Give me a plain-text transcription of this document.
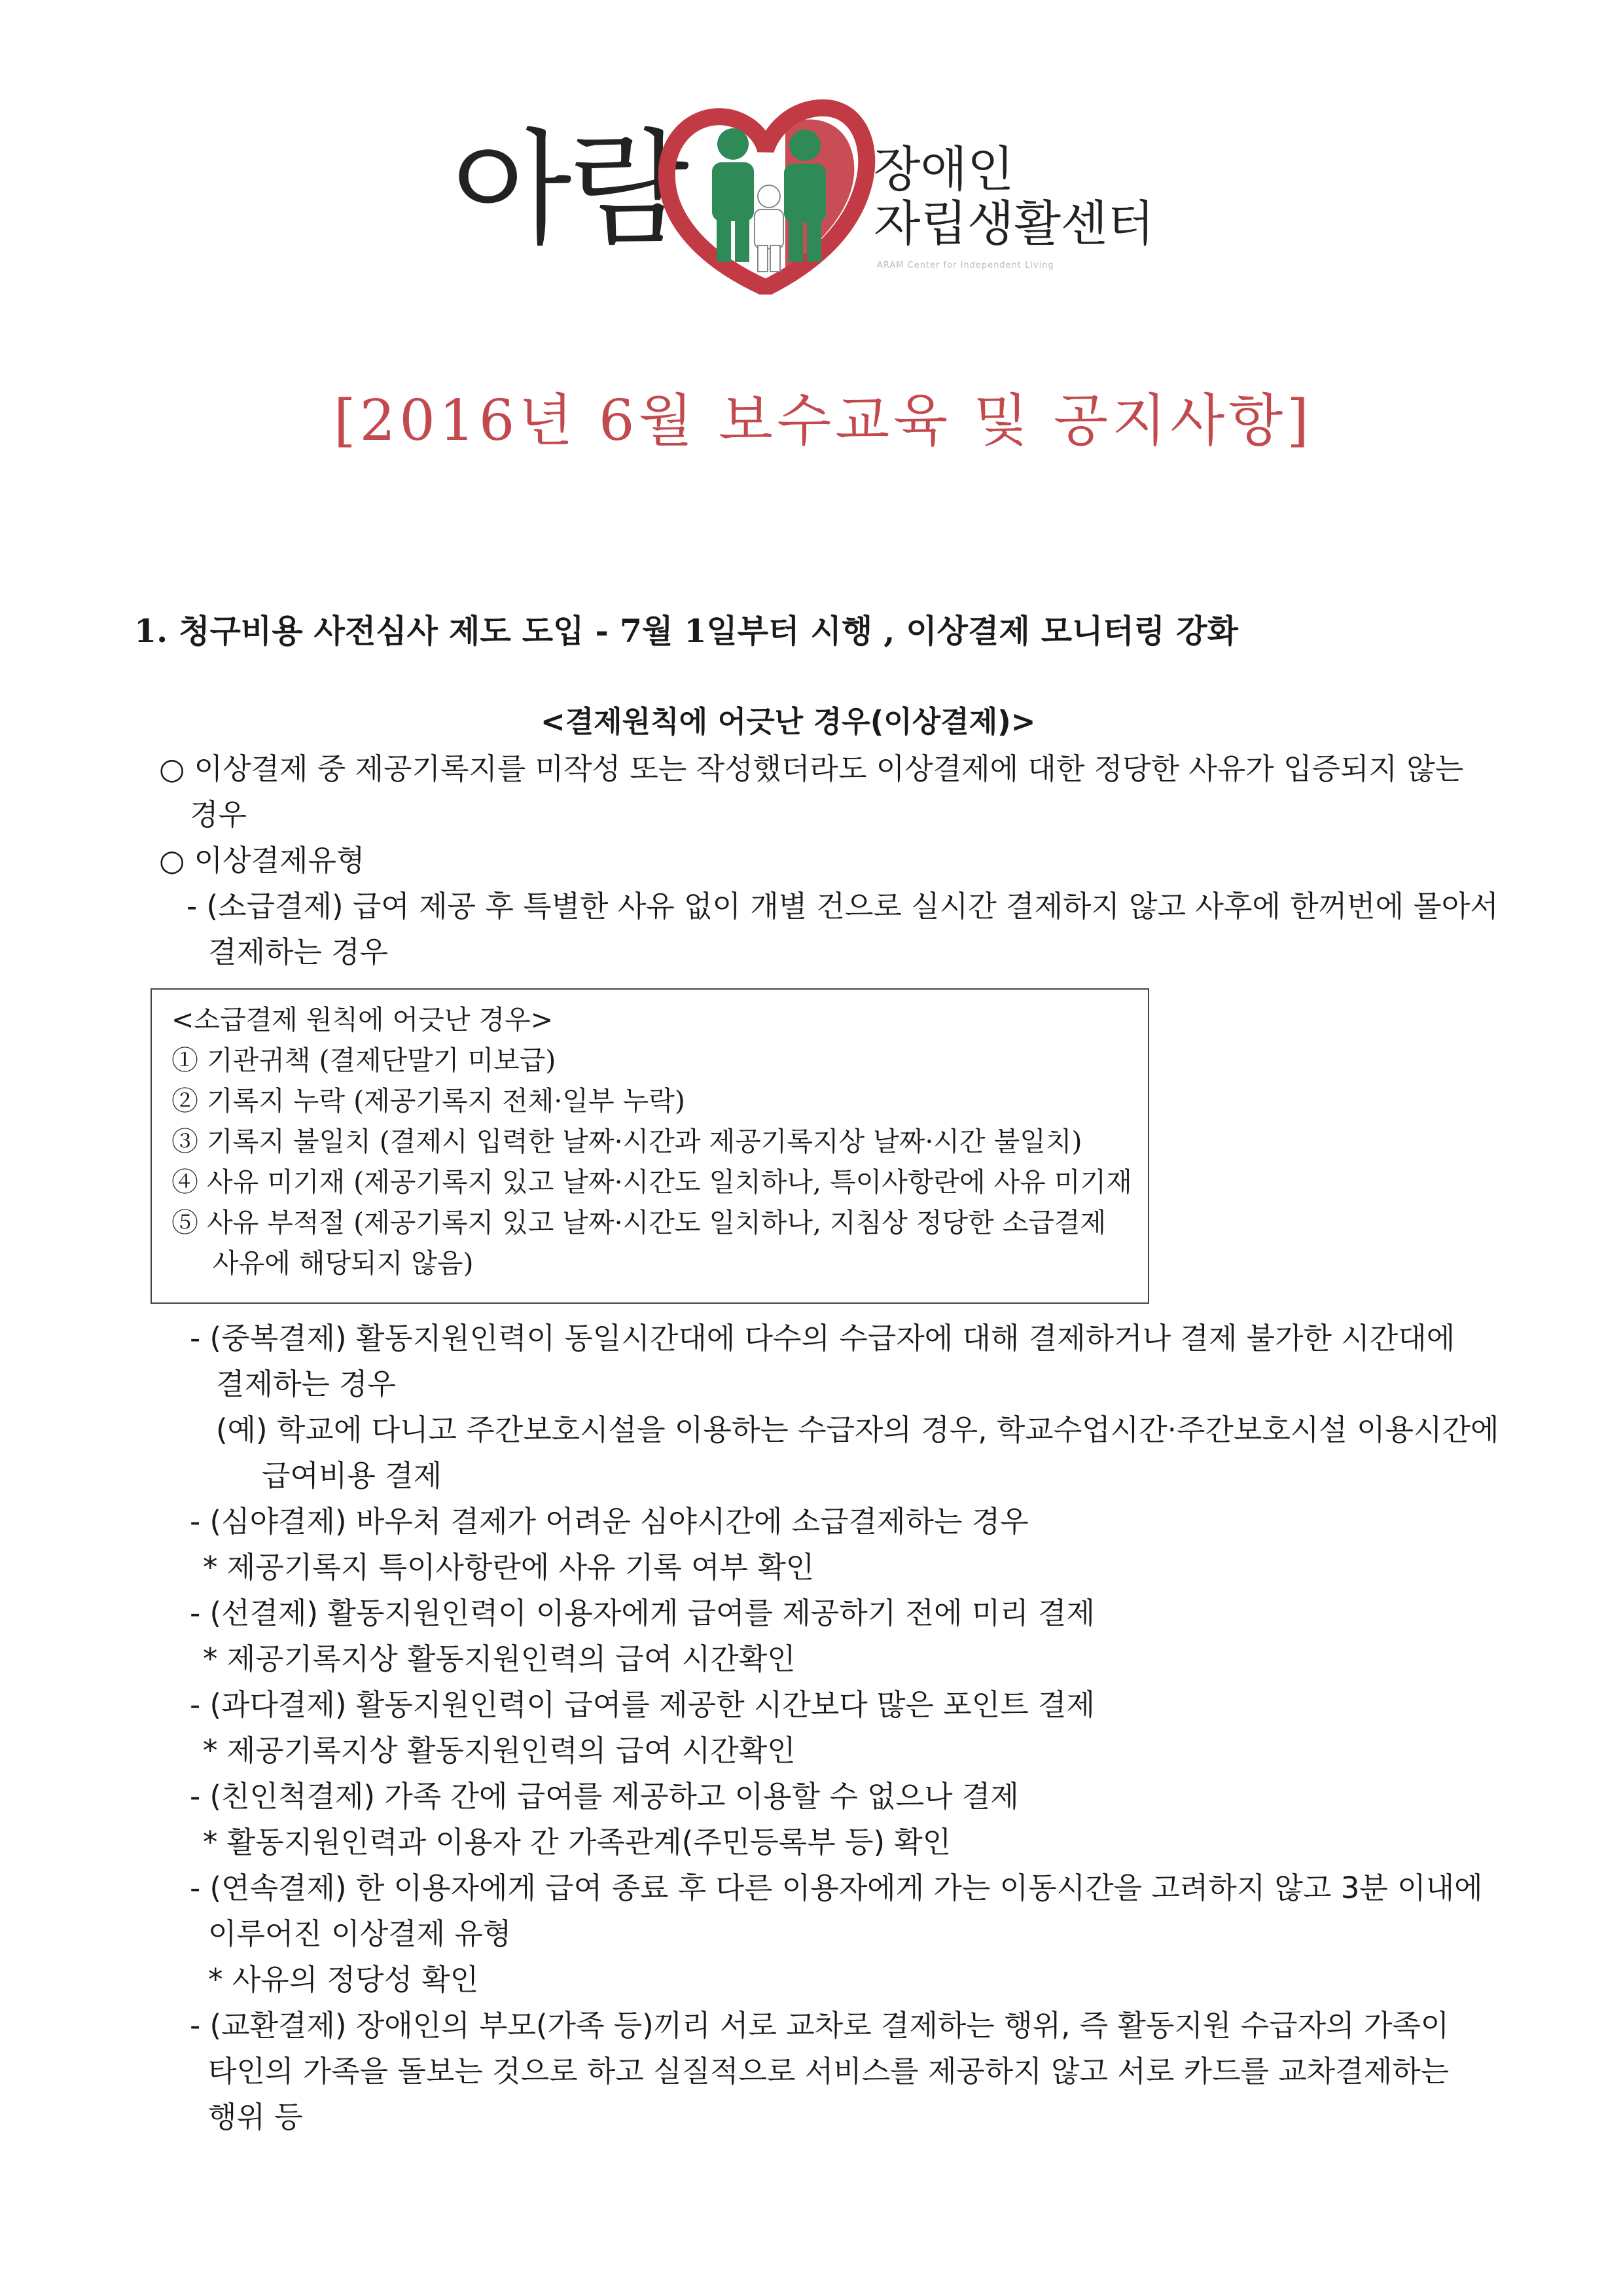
아람	장애인
자립생활센터
ARAM Center for Independent Living
[2016년 6월 보수교육 및 공지사항]
1. 청구비용 사전심사 제도 도입 - 7월 1일부터 시행 , 이상결제 모니터링 강화
<결제원칙에 어긋난 경우(이상결제)>
○ 이상결제 중 제공기록지를 미작성 또는 작성했더라도 이상결제에 대한 정당한 사유가 입증되지 않는
경우
○ 이상결제유형
- (소급결제) 급여 제공 후 특별한 사유 없이 개별 건으로 실시간 결제하지 않고 사후에 한꺼번에 몰아서
결제하는 경우
<소급결제 원칙에 어긋난 경우>
① 기관귀책 (결제단말기 미보급)
② 기록지 누락 (제공기록지 전체·일부 누락)
③ 기록지 불일치 (결제시 입력한 날짜·시간과 제공기록지상 날짜·시간 불일치)
④ 사유 미기재 (제공기록지 있고 날짜·시간도 일치하나, 특이사항란에 사유 미기재
⑤ 사유 부적절 (제공기록지 있고 날짜·시간도 일치하나, 지침상 정당한 소급결제
사유에 해당되지 않음)
- (중복결제) 활동지원인력이 동일시간대에 다수의 수급자에 대해 결제하거나 결제 불가한 시간대에
결제하는 경우
(예) 학교에 다니고 주간보호시설을 이용하는 수급자의 경우, 학교수업시간·주간보호시설 이용시간에
급여비용 결제
- (심야결제) 바우처 결제가 어려운 심야시간에 소급결제하는 경우
* 제공기록지 특이사항란에 사유 기록 여부 확인
- (선결제) 활동지원인력이 이용자에게 급여를 제공하기 전에 미리 결제
* 제공기록지상 활동지원인력의 급여 시간확인
- (과다결제) 활동지원인력이 급여를 제공한 시간보다 많은 포인트 결제
* 제공기록지상 활동지원인력의 급여 시간확인
- (친인척결제) 가족 간에 급여를 제공하고 이용할 수 없으나 결제
* 활동지원인력과 이용자 간 가족관계(주민등록부 등) 확인
- (연속결제) 한 이용자에게 급여 종료 후 다른 이용자에게 가는 이동시간을 고려하지 않고 3분 이내에
이루어진 이상결제 유형
* 사유의 정당성 확인
- (교환결제) 장애인의 부모(가족 등)끼리 서로 교차로 결제하는 행위, 즉 활동지원 수급자의 가족이
타인의 가족을 돌보는 것으로 하고 실질적으로 서비스를 제공하지 않고 서로 카드를 교차결제하는
행위 등
